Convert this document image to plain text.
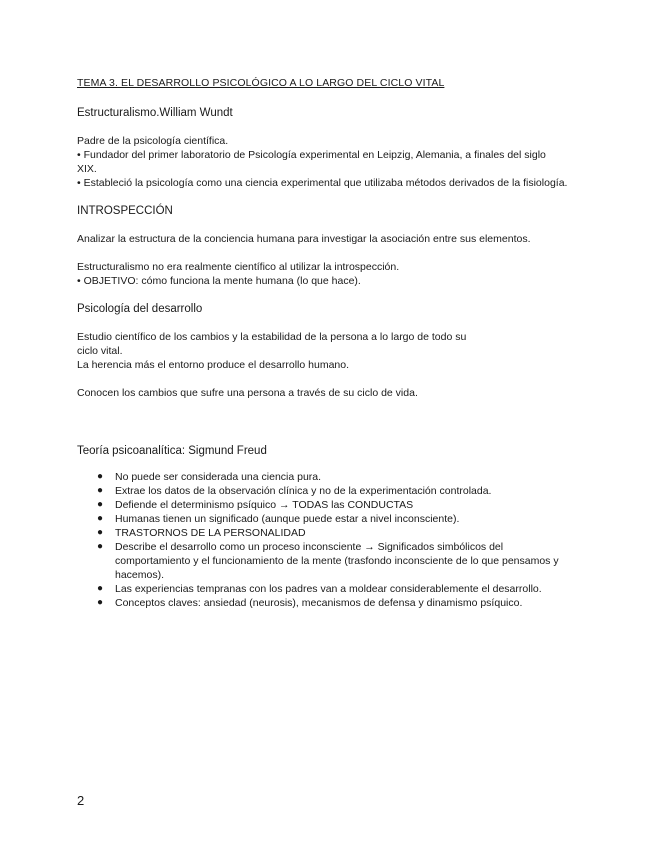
TEMA 3. EL DESARROLLO PSICOLÓGICO A LO LARGO DEL CICLO VITAL
Estructuralismo.William Wundt
Padre de la psicología científica.
• Fundador del primer laboratorio de Psicología experimental en Leipzig, Alemania, a finales del siglo
XIX.
• Estableció la psicología como una ciencia experimental que utilizaba métodos derivados de la fisiología.
INTROSPECCIÓN
Analizar la estructura de la conciencia humana para investigar la asociación entre sus elementos.
Estructuralismo no era realmente científico al utilizar la introspección.
• OBJETIVO: cómo funciona la mente humana (lo que hace).
Psicología del desarrollo
Estudio científico de los cambios y la estabilidad de la persona a lo largo de todo su
ciclo vital.
La herencia más el entorno produce el desarrollo humano.
Conocen los cambios que sufre una persona a través de su ciclo de vida.
Teoría psicoanalítica: Sigmund Freud
● No puede ser considerada una ciencia pura.
● Extrae los datos de la observación clínica y no de la experimentación controlada.
● Defiende el determinismo psíquico → TODAS las CONDUCTAS
● Humanas tienen un significado (aunque puede estar a nivel inconsciente).
● TRASTORNOS DE LA PERSONALIDAD
● Describe el desarrollo como un proceso inconsciente → Significados simbólicos del
comportamiento y el funcionamiento de la mente (trasfondo inconsciente de lo que pensamos y
hacemos).
● Las experiencias tempranas con los padres van a moldear considerablemente el desarrollo.
● Conceptos claves: ansiedad (neurosis), mecanismos de defensa y dinamismo psíquico.
2
